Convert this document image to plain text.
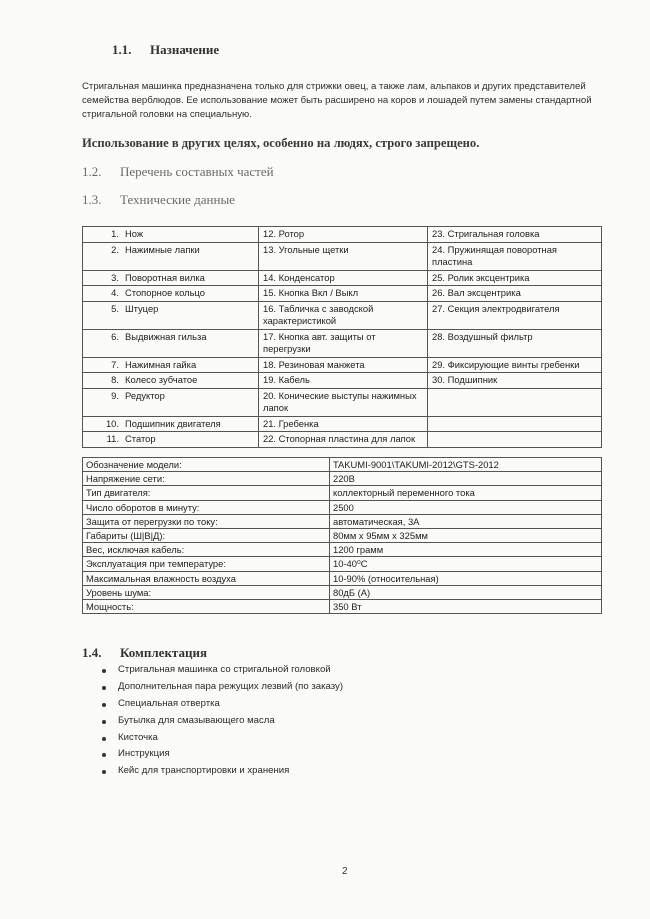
1.1. Назначение
Стригальная машинка предназначена только для стрижки овец, а также лам, альпаков и других представителей семейства верблюдов. Ее использование может быть расширено на коров и лошадей путем замены стандартной стригальной головки на специальную.
Использование в других целях, особенно на людях, строго запрещено.
1.2. Перечень составных частей
1.3. Технические данные
1. Нож	12. Ротор	23. Стригальная головка
2. Нажимные лапки	13. Угольные щетки	24. Пружинящая поворотная пластина
3. Поворотная вилка	14. Конденсатор	25. Ролик эксцентрика
4. Стопорное кольцо	15. Кнопка Вкл / Выкл	26. Вал эксцентрика
5. Штуцер	16. Табличка с заводской характеристикой	27. Секция электродвигателя
6. Выдвижная гильза	17. Кнопка авт. защиты от перегрузки	28. Воздушный фильтр
7. Нажимная гайка	18. Резиновая манжета	29. Фиксирующие винты гребенки
8. Колесо зубчатое	19. Кабель	30. Подшипник
9. Редуктор	20. Конические выступы нажимных лапок	
10. Подшипник двигателя	21. Гребенка	
11. Статор	22. Стопорная пластина для лапок	
Обозначение модели:	TAKUMI-9001\TAKUMI-2012\GTS-2012
Напряжение сети:	220В
Тип двигателя:	коллекторный переменного тока
Число оборотов в минуту:	2500
Защита от перегрузки по току:	автоматическая, 3А
Габариты (Ш|В|Д):	80мм x 95мм x 325мм
Вес, исключая кабель:	1200 грамм
Эксплуатация при температуре:	10-40⁰С
Максимальная влажность воздуха	10-90% (относительная)
Уровень шума:	80дБ (А)
Мощность:	350 Вт
1.4. Комплектация
Стригальная машинка со стригальной головкой
Дополнительная пара режущих лезвий (по заказу)
Специальная отвертка
Бутылка для смазывающего масла
Кисточка
Инструкция
Кейс для транспортировки и хранения
2
